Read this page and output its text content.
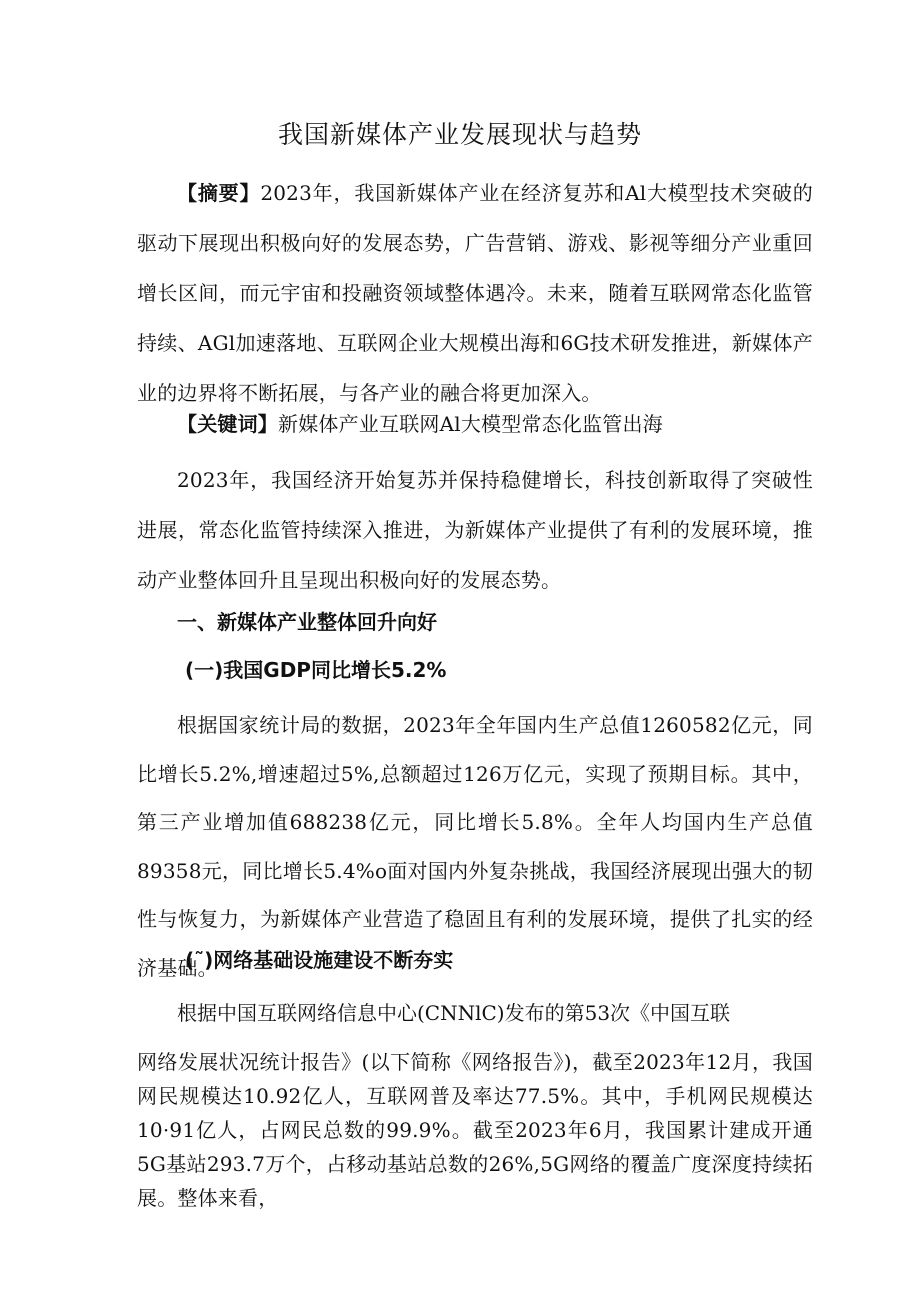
我国新媒体产业发展现状与趋势
【摘要】2023年，我国新媒体产业在经济复苏和Al大模型技术突破的驱动下展现出积极向好的发展态势，广告营销、游戏、影视等细分产业重回增长区间，而元宇宙和投融资领域整体遇冷。未来，随着互联网常态化监管持续、AGl加速落地、互联网企业大规模出海和6G技术研发推进，新媒体产业的边界将不断拓展，与各产业的融合将更加深入。
【关键词】新媒体产业互联网Al大模型常态化监管出海
2023年，我国经济开始复苏并保持稳健增长，科技创新取得了突破性进展，常态化监管持续深入推进，为新媒体产业提供了有利的发展环境，推动产业整体回升且呈现出积极向好的发展态势。
一、新媒体产业整体回升向好
(一)我国GDP同比增长5.2%
根据国家统计局的数据，2023年全年国内生产总值1260582亿元，同比增长5.2%,增速超过5%,总额超过126万亿元，实现了预期目标。其中，第三产业增加值688238亿元，同比增长5.8%。全年人均国内生产总值89358元，同比增长5.4%o面对国内外复杂挑战，我国经济展现出强大的韧性与恢复力，为新媒体产业营造了稳固且有利的发展环境，提供了扎实的经济基础。
(˜)网络基础设施建设不断夯实
根据中国互联网络信息中心(CNNlC)发布的第53次《中国互联
网络发展状况统计报告》(以下简称《网络报告》)，截至2023年12月，我国网民规模达10.92亿人，互联网普及率达77.5%。其中，手机网民规模达10·91亿人，占网民总数的99.9%。截至2023年6月，我国累计建成开通5G基站293.7万个，占移动基站总数的26%,5G网络的覆盖广度深度持续拓展。整体来看，
